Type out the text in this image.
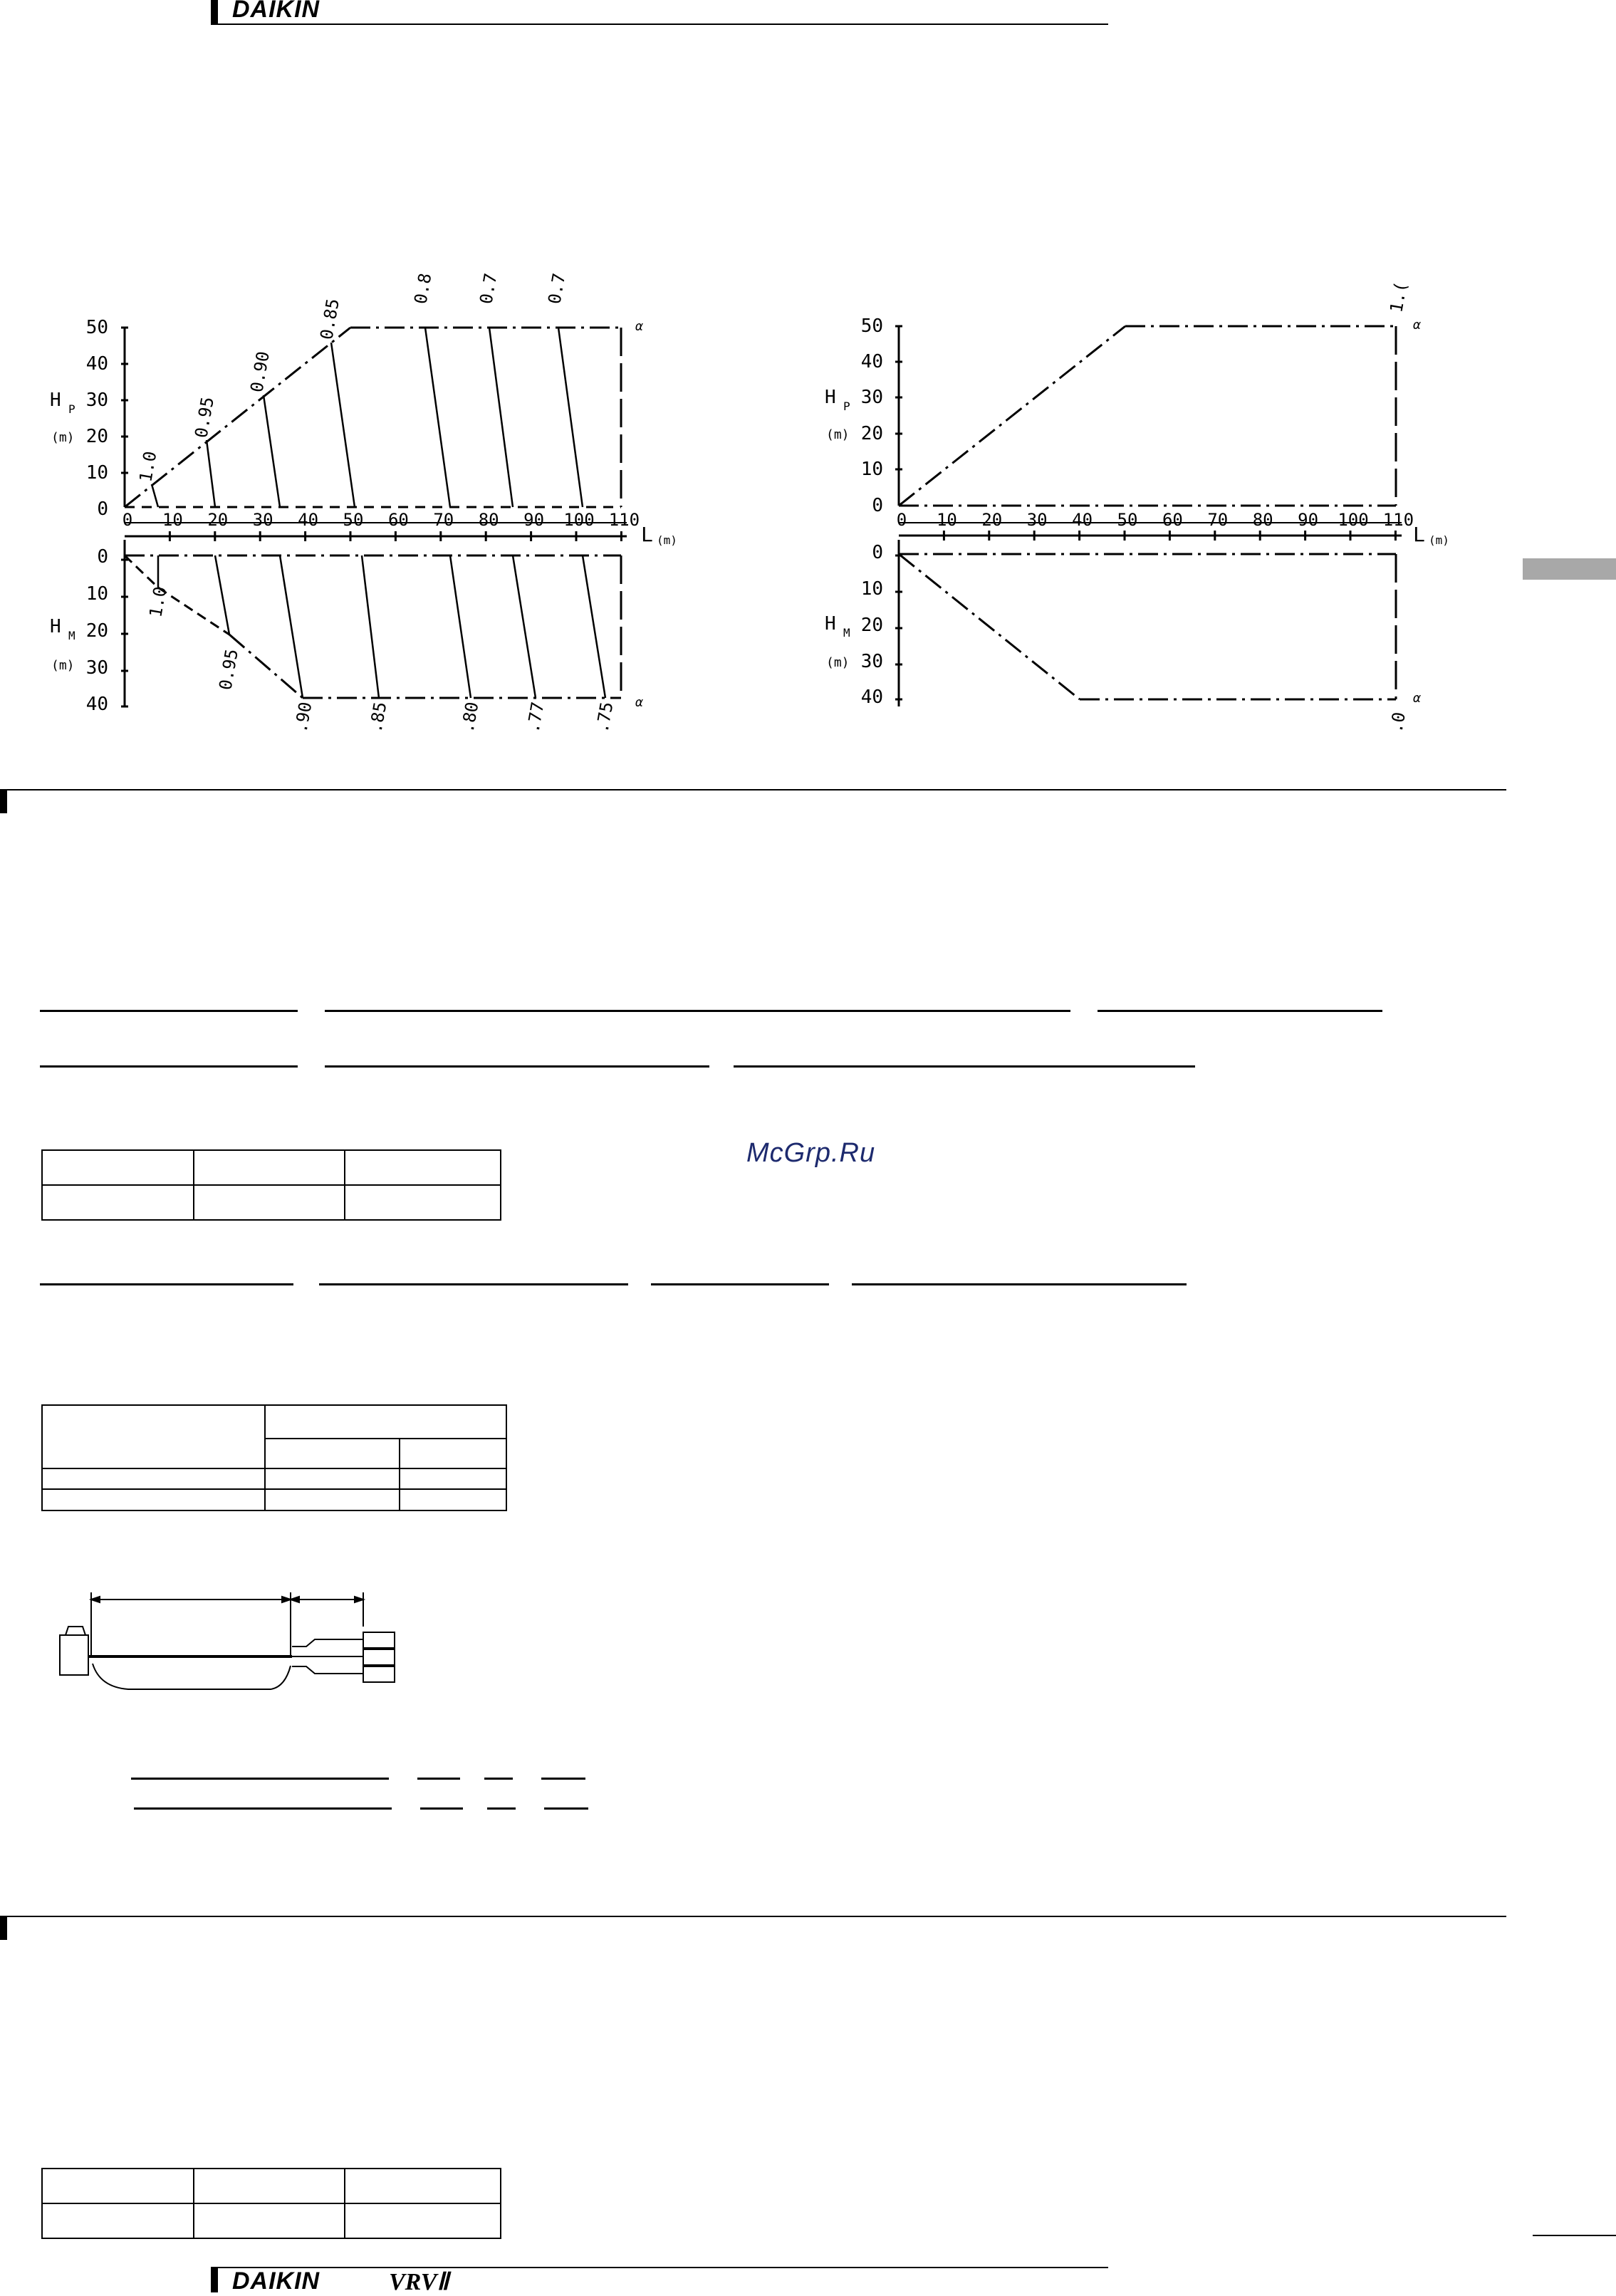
DAIKIN
50
40
30
20
10
0
H P
(m)
0 10 20 30 40 50 60 70 80 90 100 110
L (m)
α
1.0
0.95
0.90
0.85
0.8 0.7	0.7
0
10
20
30
40
H M
(m)
α
1.0
0.95
.90	.85	.80 .77	.75
50
40
30
20
10
0
H P
(m)
0 10 20 30 40 50 60 70 80 90 100 110
L (m)
α
1.(
0
10
20
30
40
H M
(m)
α
.0
McGrp.Ru

DAIKIN	VRVⅡ
